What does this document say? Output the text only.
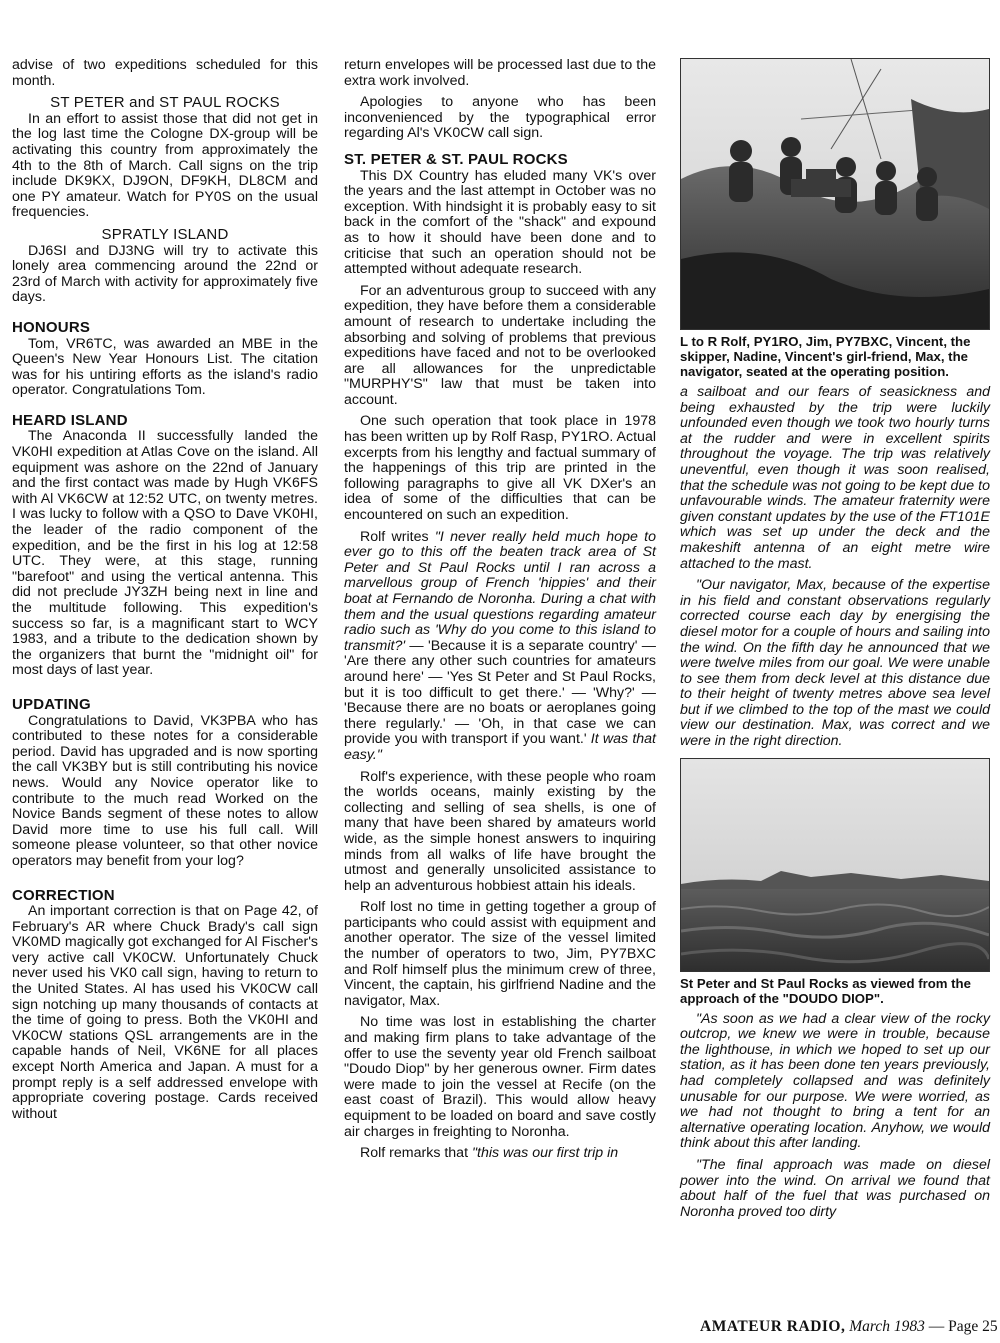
advise of two expeditions scheduled for this month.

ST PETER and ST PAUL ROCKS

In an effort to assist those that did not get in the log last time the Cologne DX-group will be activating this country from approximately the 4th to the 8th of March. Call signs on the trip include DK9KX, DJ9ON, DF9KH, DL8CM and one PY amateur. Watch for PY0S on the usual frequencies.

SPRATLY ISLAND

DJ6SI and DJ3NG will try to activate this lonely area commencing around the 22nd or 23rd of March with activity for approximately five days.

HONOURS

Tom, VR6TC, was awarded an MBE in the Queen's New Year Honours List. The citation was for his untiring efforts as the island's radio operator. Congratulations Tom.

HEARD ISLAND

The Anaconda II successfully landed the VK0HI expedition at Atlas Cove on the island. All equipment was ashore on the 22nd of January and the first contact was made by Hugh VK6FS with Al VK6CW at 12:52 UTC, on twenty metres. I was lucky to follow with a QSO to Dave VK0HI, the leader of the radio component of the expedition, and be the first in his log at 12:58 UTC. They were, at this stage, running "barefoot" and using the vertical antenna. This did not preclude JY3ZH being next in line and the multitude following. This expedition's success so far, is a magnificant start to WCY 1983, and a tribute to the dedication shown by the organizers that burnt the "midnight oil" for most days of last year.

UPDATING

Congratulations to David, VK3PBA who has contributed to these notes for a considerable period. David has upgraded and is now sporting the call VK3BY but is still contributing his novice news. Would any Novice operator like to contribute to the much read Worked on the Novice Bands segment of these notes to allow David more time to use his full call. Will someone please volunteer, so that other novice operators may benefit from your log?

CORRECTION

An important correction is that on Page 42, of February's AR where Chuck Brady's call sign VK0MD magically got exchanged for Al Fischer's very active call VK0CW. Unfortunately Chuck never used his VK0 call sign, having to return to the United States. Al has used his VK0CW call sign notching up many thousands of contacts at the time of going to press. Both the VK0HI and VK0CW stations QSL arrangements are in the capable hands of Neil, VK6NE for all places except North America and Japan. A must for a prompt reply is a self addressed envelope with appropriate covering postage. Cards received without

return envelopes will be processed last due to the extra work involved.

Apologies to anyone who has been inconvenienced by the typographical error regarding Al's VK0CW call sign.

ST. PETER & ST. PAUL ROCKS

This DX Country has eluded many VK's over the years and the last attempt in October was no exception. With hindsight it is probably easy to sit back in the comfort of the "shack" and expound as to how it should have been done and to criticise that such an operation should not be attempted without adequate research.

For an adventurous group to succeed with any expedition, they have before them a considerable amount of research to undertake including the absorbing and solving of problems that previous expeditions have faced and not to be overlooked are all allowances for the unpredictable "MURPHY'S" law that must be taken into account.

One such operation that took place in 1978 has been written up by Rolf Rasp, PY1RO. Actual excerpts from his lengthy and factual summary of the happenings of this trip are printed in the following paragraphs to give all VK DXer's an idea of some of the difficulties that can be encountered on such an expedition.

Rolf writes "I never really held much hope to ever go to this off the beaten track area of St Peter and St Paul Rocks until I ran across a marvellous group of French 'hippies' and their boat at Fernando de Noronha. During a chat with them and the usual questions regarding amateur radio such as 'Why do you come to this island to transmit?' — 'Because it is a separate country' — 'Are there any other such countries for amateurs around here' — 'Yes St Peter and St Paul Rocks, but it is too difficult to get there.' — 'Why?' — 'Because there are no boats or aeroplanes going there regularly.' — 'Oh, in that case we can provide you with transport if you want.' It was that easy."

Rolf's experience, with these people who roam the worlds oceans, mainly existing by the collecting and selling of sea shells, is one of many that have been shared by amateurs world wide, as the simple honest answers to inquiring minds from all walks of life have brought the utmost and generally unsolicited assistance to help an adventurous hobbiest attain his ideals.

Rolf lost no time in getting together a group of participants who could assist with equipment and another operator. The size of the vessel limited the number of operators to two, Jim, PY7BXC and Rolf himself plus the minimum crew of three, Vincent, the captain, his girlfriend Nadine and the navigator, Max.

No time was lost in establishing the charter and making firm plans to take advantage of the offer to use the seventy year old French sailboat "Doudo Diop" by her generous owner. Firm dates were made to join the vessel at Recife (on the east coast of Brazil). This would allow heavy equipment to be loaded on board and save costly air charges in freighting to Noronha.

Rolf remarks that "this was our first trip in

L to R Rolf, PY1RO, Jim, PY7BXC, Vincent, the skipper, Nadine, Vincent's girl-friend, Max, the navigator, seated at the operating position.

a sailboat and our fears of seasickness and being exhausted by the trip were luckily unfounded even though we took two hourly turns at the rudder and were in excellent spirits throughout the voyage. The trip was relatively uneventful, even though it was soon realised, that the schedule was not going to be kept due to unfavourable winds. The amateur fraternity were given constant updates by the use of the FT101E which was set up under the deck and the makeshift antenna of an eight metre wire attached to the mast.

"Our navigator, Max, because of the expertise in his field and constant observations regularly corrected course each day by energising the diesel motor for a couple of hours and sailing into the wind. On the fifth day he announced that we were twelve miles from our goal. We were unable to see them from deck level at this distance due to their height of twenty metres above sea level but if we climbed to the top of the mast we could view our destination. Max, was correct and we were in the right direction.

St Peter and St Paul Rocks as viewed from the approach of the "DOUDO DIOP".

"As soon as we had a clear view of the rocky outcrop, we knew we were in trouble, because the lighthouse, in which we hoped to set up our station, as it has been done ten years previously, had completely collapsed and was definitely unusable for our purpose. We were worried, as we had not thought to bring a tent for an alternative operating location. Anyhow, we would think about this after landing.

"The final approach was made on diesel power into the wind. On arrival we found that about half of the fuel that was purchased on Noronha proved too dirty

AMATEUR RADIO, March 1983 — Page 25
